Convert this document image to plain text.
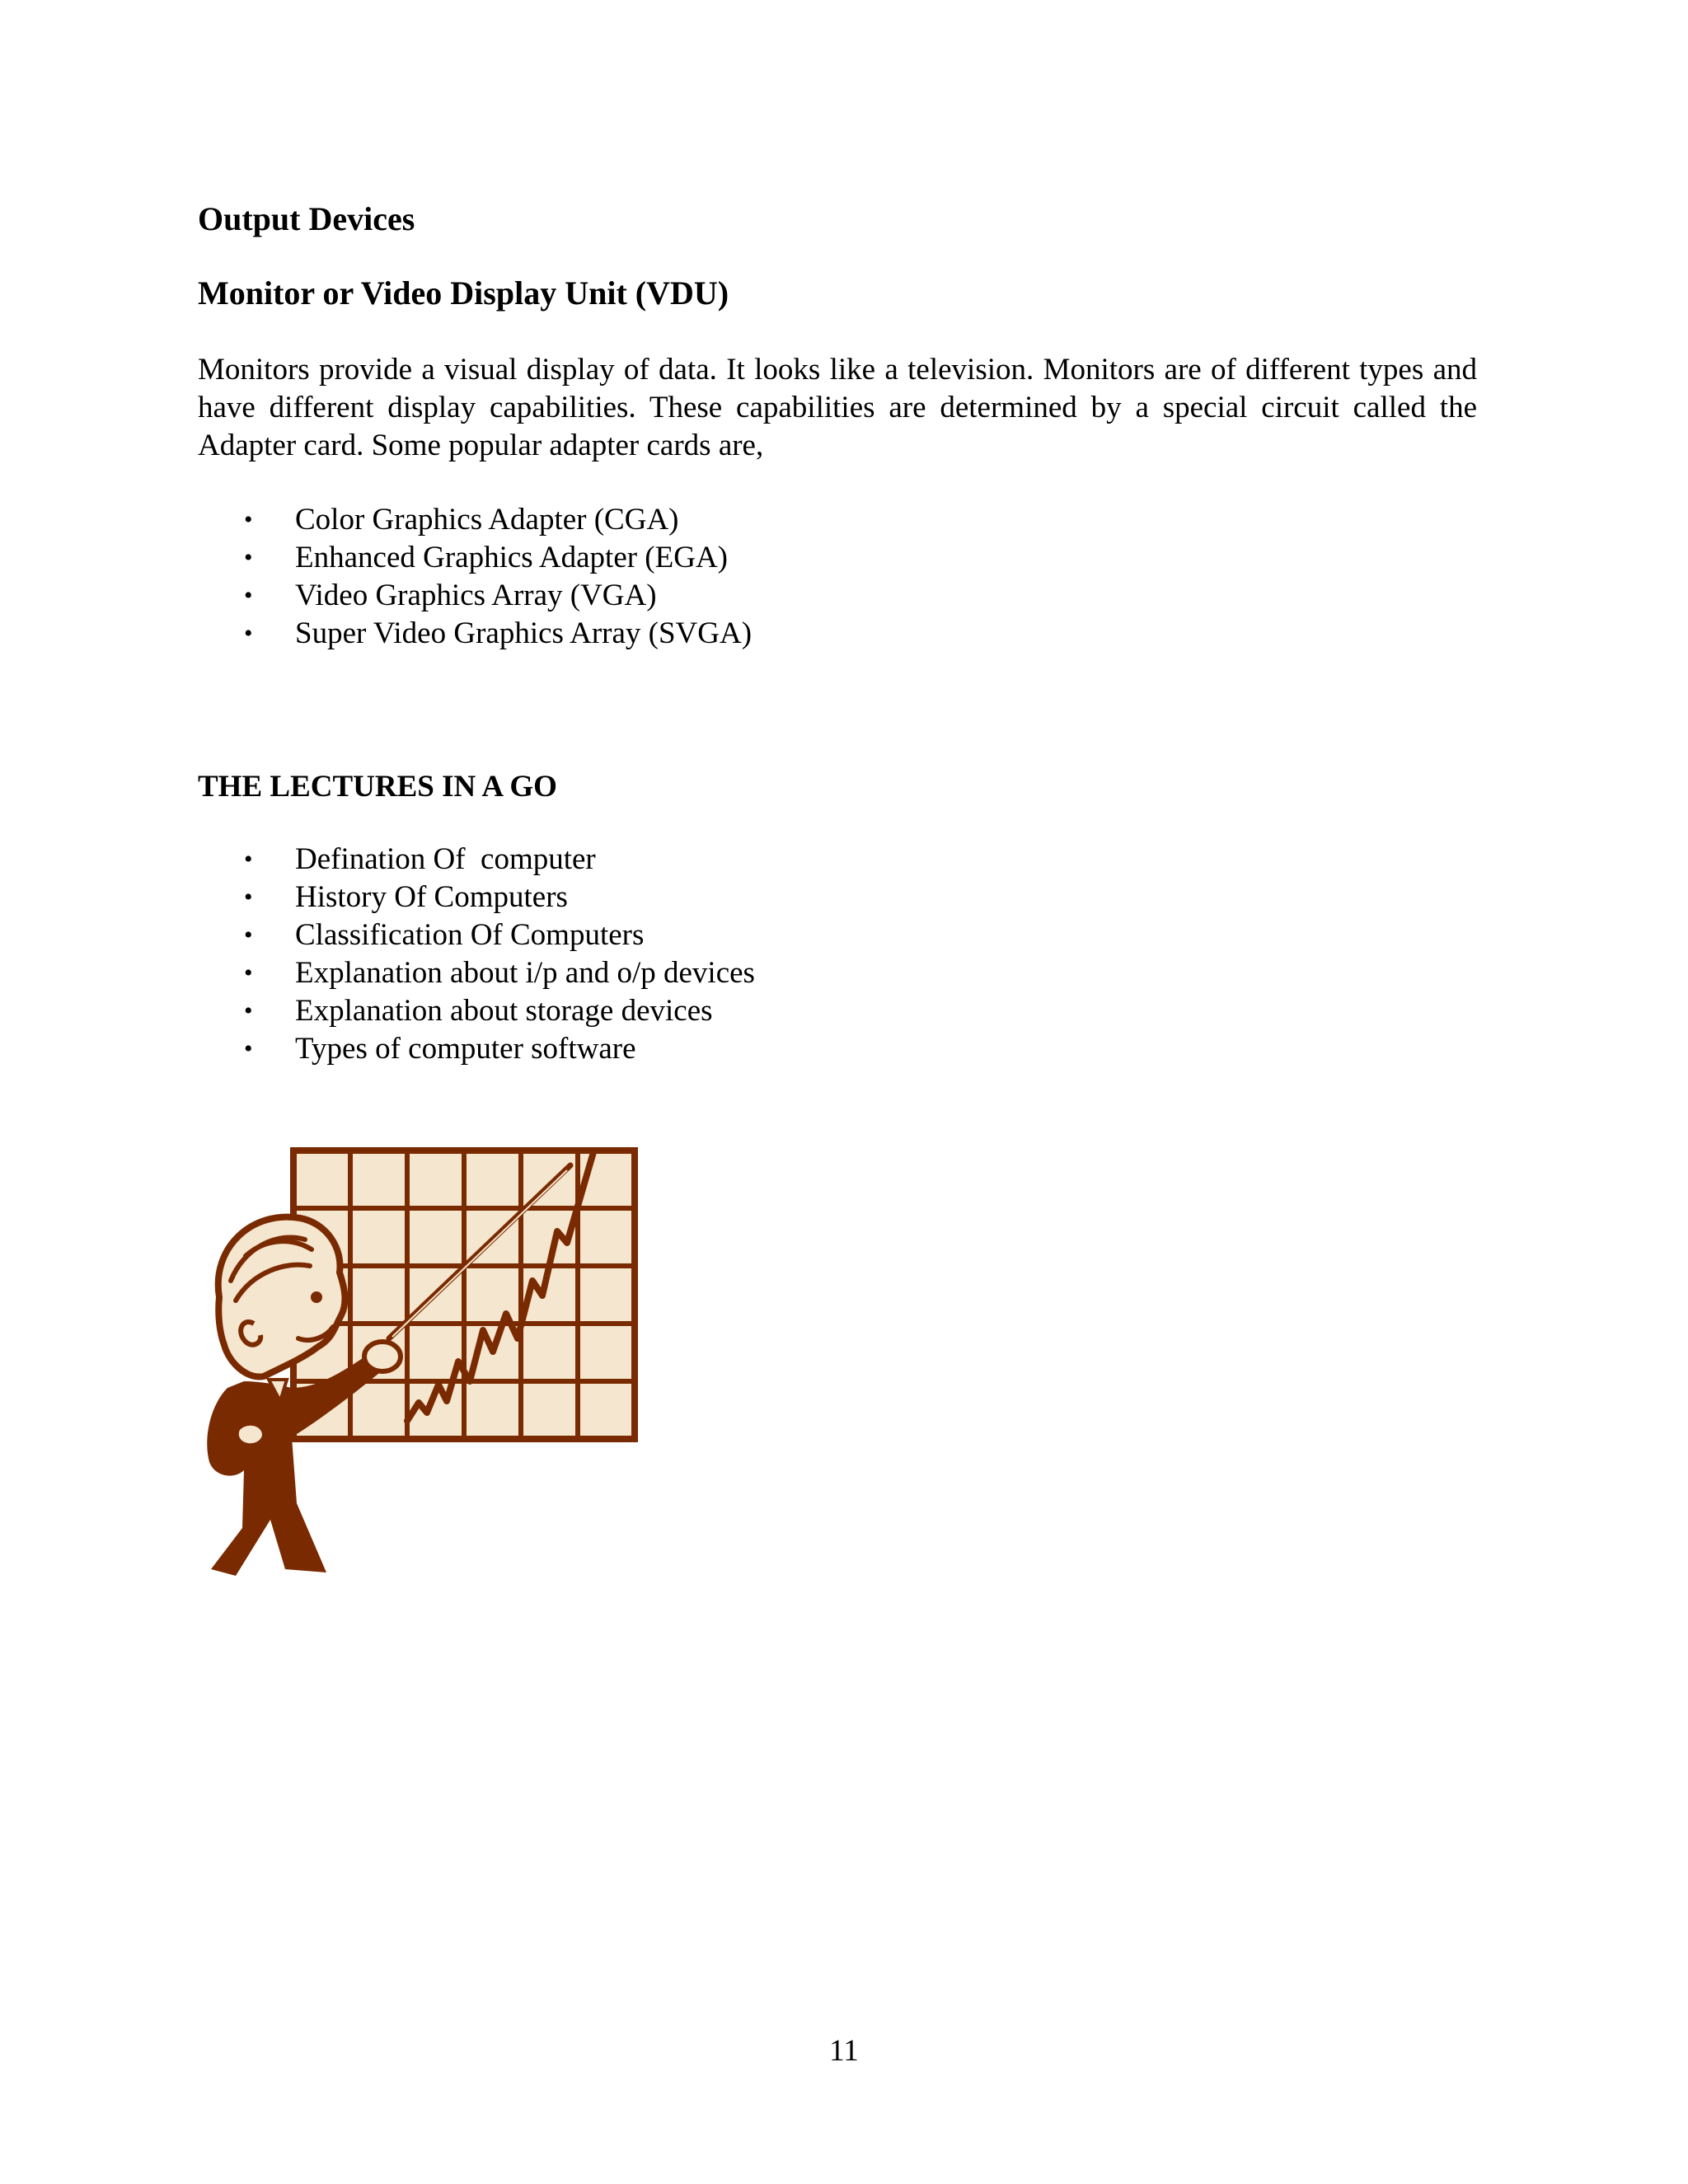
Output Devices
Monitor or Video Display Unit (VDU)

Monitors provide a visual display of data. It looks like a television. Monitors are of different types and have different display capabilities. These capabilities are determined by a special circuit called the Adapter card. Some popular adapter cards are,

• Color Graphics Adapter (CGA)
• Enhanced Graphics Adapter (EGA)
• Video Graphics Array (VGA)
• Super Video Graphics Array (SVGA)
THE LECTURES IN A GO
• Defination Of  computer
• History Of Computers
• Classification Of Computers
• Explanation about i/p and o/p devices
• Explanation about storage devices
• Types of computer software
11
